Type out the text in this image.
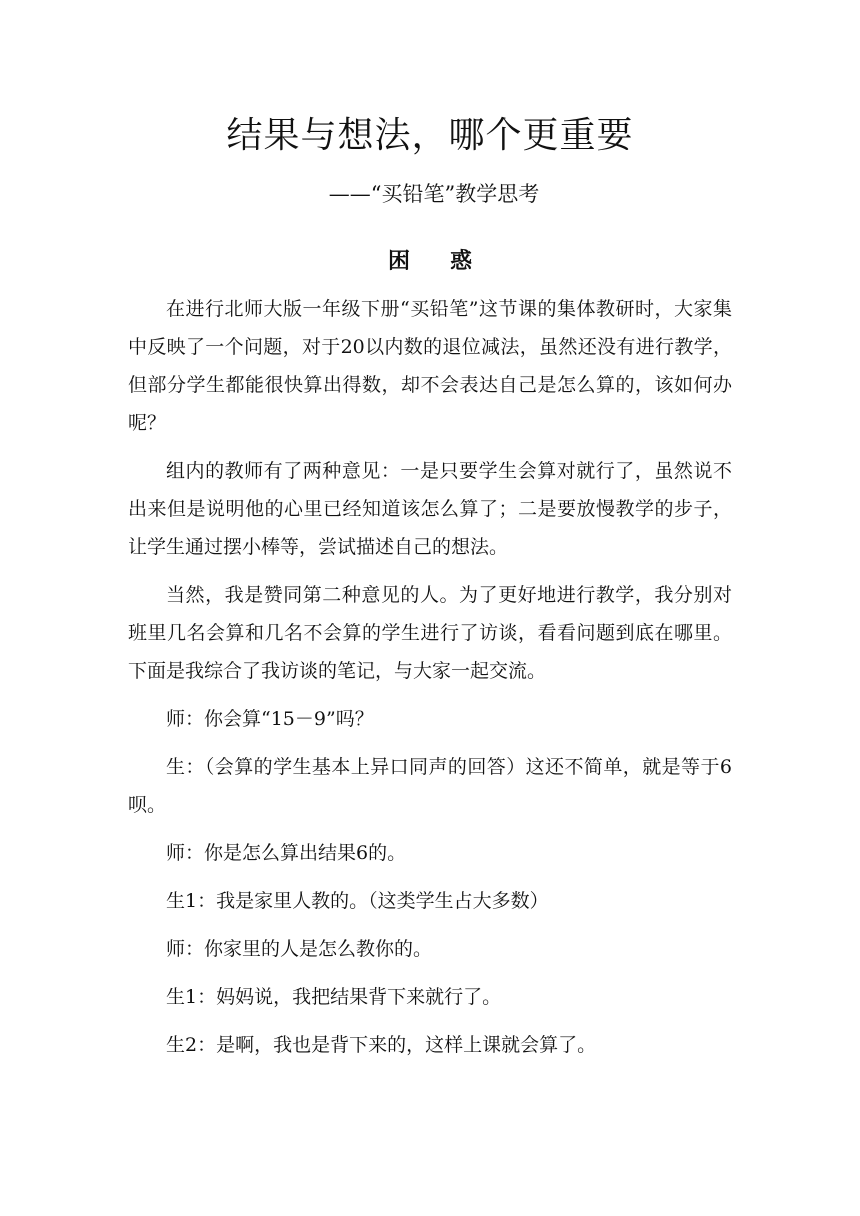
结果与想法，哪个更重要
——“买铅笔”教学思考
困惑

在进行北师大版一年级下册“买铅笔”这节课的集体教研时，大家集中反映了一个问题，对于20以内数的退位减法，虽然还没有进行教学，但部分学生都能很快算出得数，却不会表达自己是怎么算的，该如何办呢？

组内的教师有了两种意见：一是只要学生会算对就行了，虽然说不出来但是说明他的心里已经知道该怎么算了；二是要放慢教学的步子，让学生通过摆小棒等，尝试描述自己的想法。

当然，我是赞同第二种意见的人。为了更好地进行教学，我分别对班里几名会算和几名不会算的学生进行了访谈，看看问题到底在哪里。下面是我综合了我访谈的笔记，与大家一起交流。

师：你会算“15－9”吗？

生：（会算的学生基本上异口同声的回答）这还不简单，就是等于6呗。

师：你是怎么算出结果6的。

生1：我是家里人教的。（这类学生占大多数）

师：你家里的人是怎么教你的。

生1：妈妈说，我把结果背下来就行了。

生2：是啊，我也是背下来的，这样上课就会算了。
